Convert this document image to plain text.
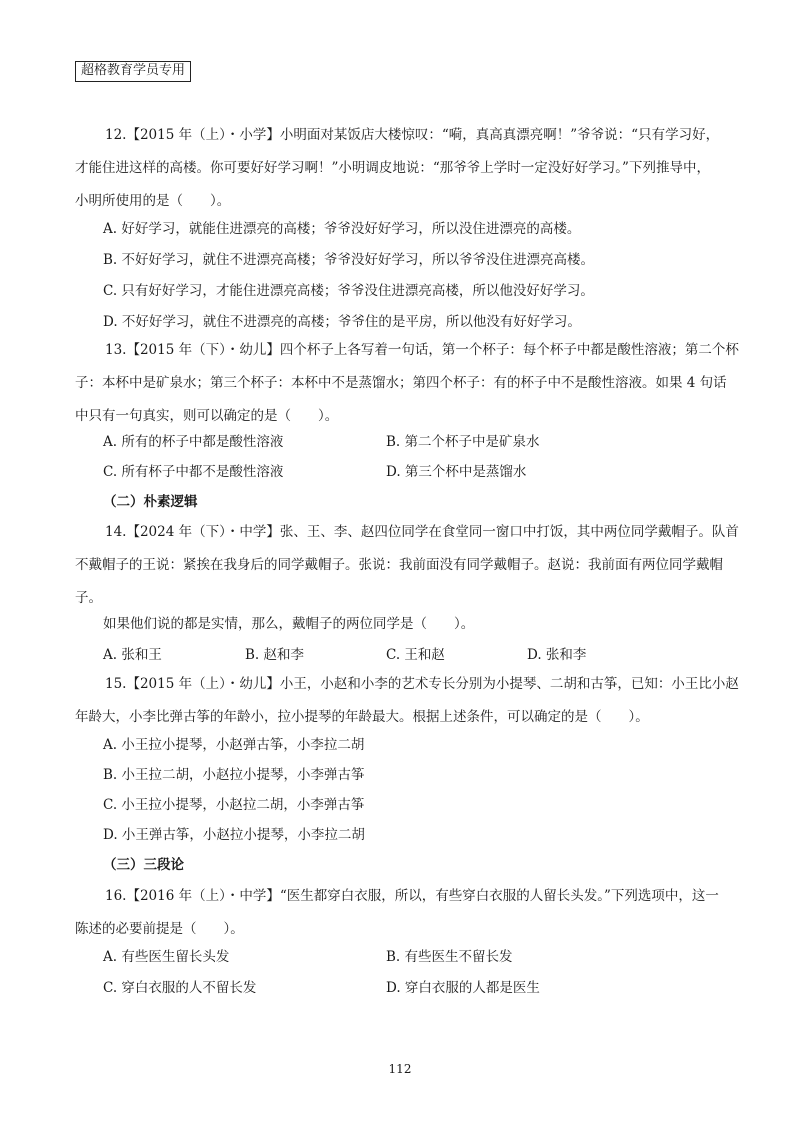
超格教育学员专用
12.【2015 年（上）・小学】小明面对某饭店大楼惊叹：“嗬，真高真漂亮啊！”爷爷说：“只有学习好，
才能住进这样的高楼。你可要好好学习啊！”小明调皮地说：“那爷爷上学时一定没好好学习。”下列推导中，
小明所使用的是（　　）。
A. 好好学习，就能住进漂亮的高楼；爷爷没好好学习，所以没住进漂亮的高楼。
B. 不好好学习，就住不进漂亮高楼；爷爷没好好学习，所以爷爷没住进漂亮高楼。
C. 只有好好学习，才能住进漂亮高楼；爷爷没住进漂亮高楼，所以他没好好学习。
D. 不好好学习，就住不进漂亮的高楼；爷爷住的是平房，所以他没有好好学习。
13.【2015 年（下）・幼儿】四个杯子上各写着一句话，第一个杯子：每个杯子中都是酸性溶液；第二个杯
子：本杯中是矿泉水；第三个杯子：本杯中不是蒸馏水；第四个杯子：有的杯子中不是酸性溶液。如果 4 句话
中只有一句真实，则可以确定的是（　　）。
A. 所有的杯子中都是酸性溶液	B. 第二个杯子中是矿泉水
C. 所有杯子中都不是酸性溶液	D. 第三个杯中是蒸馏水
（二）朴素逻辑
14.【2024 年（下）・中学】张、王、李、赵四位同学在食堂同一窗口中打饭，其中两位同学戴帽子。队首
不戴帽子的王说：紧挨在我身后的同学戴帽子。张说：我前面没有同学戴帽子。赵说：我前面有两位同学戴帽
子。
如果他们说的都是实情，那么，戴帽子的两位同学是（　　）。
A. 张和王	B. 赵和李	C. 王和赵	D. 张和李
15.【2015 年（上）・幼儿】小王，小赵和小李的艺术专长分别为小提琴、二胡和古筝，已知：小王比小赵
年龄大，小李比弹古筝的年龄小，拉小提琴的年龄最大。根据上述条件，可以确定的是（　　）。
A. 小王拉小提琴，小赵弹古筝，小李拉二胡
B. 小王拉二胡，小赵拉小提琴，小李弹古筝
C. 小王拉小提琴，小赵拉二胡，小李弹古筝
D. 小王弹古筝，小赵拉小提琴，小李拉二胡
（三）三段论
16.【2016 年（上）・中学】“医生都穿白衣服，所以，有些穿白衣服的人留长头发。”下列选项中，这一
陈述的必要前提是（　　）。
A. 有些医生留长头发	B. 有些医生不留长发
C. 穿白衣服的人不留长发	D. 穿白衣服的人都是医生
112
